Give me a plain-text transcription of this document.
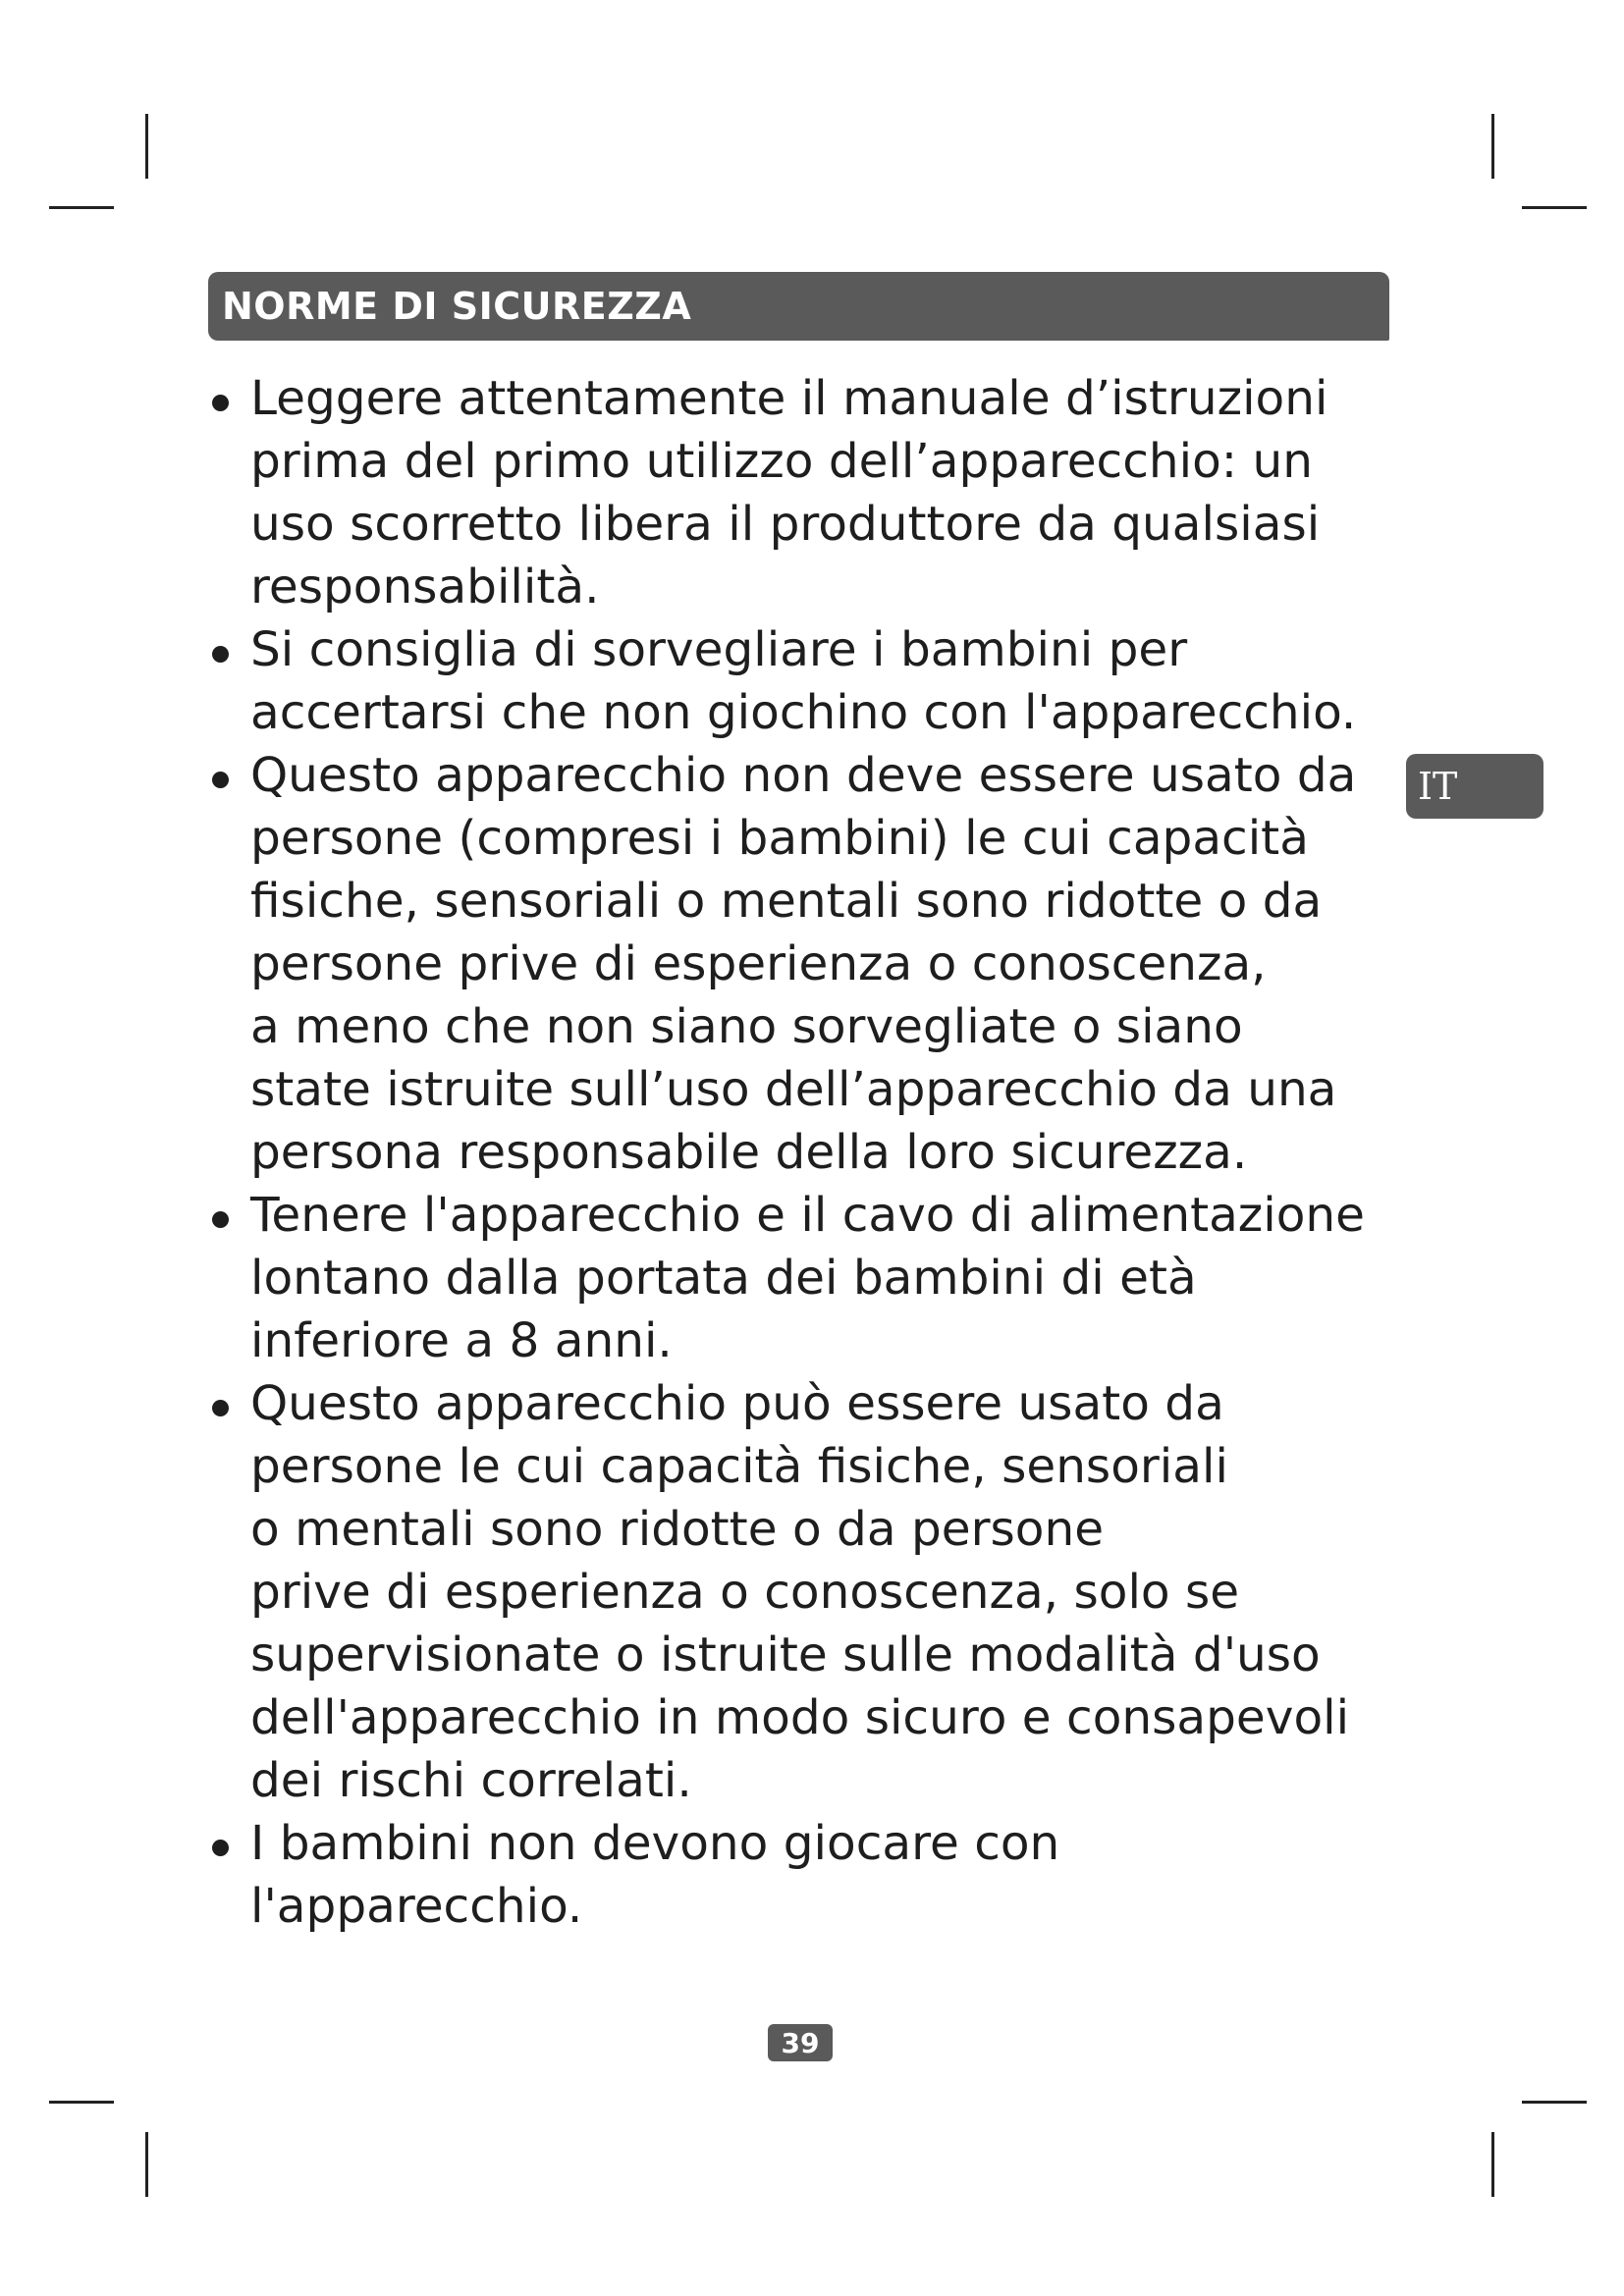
NORME DI SICUREZZA
Leggere attentamente il manuale d’istruzioni
prima del primo utilizzo dell’apparecchio: un
uso scorretto libera il produttore da qualsiasi
responsabilità.
Si consiglia di sorvegliare i bambini per
accertarsi che non giochino con l'apparecchio.
Questo apparecchio non deve essere usato da
persone (compresi i bambini) le cui capacità
fisiche, sensoriali o mentali sono ridotte o da
persone prive di esperienza o conoscenza,
a meno che non siano sorvegliate o siano
state istruite sull’uso dell’apparecchio da una
persona responsabile della loro sicurezza.
Tenere l'apparecchio e il cavo di alimentazione
lontano dalla portata dei bambini di età
inferiore a 8 anni.
Questo apparecchio può essere usato da
persone le cui capacità fisiche, sensoriali
o mentali sono ridotte o da persone
prive di esperienza o conoscenza, solo se
supervisionate o istruite sulle modalità d'uso
dell'apparecchio in modo sicuro e consapevoli
dei rischi correlati.
I bambini non devono giocare con
l'apparecchio.
IT
39
